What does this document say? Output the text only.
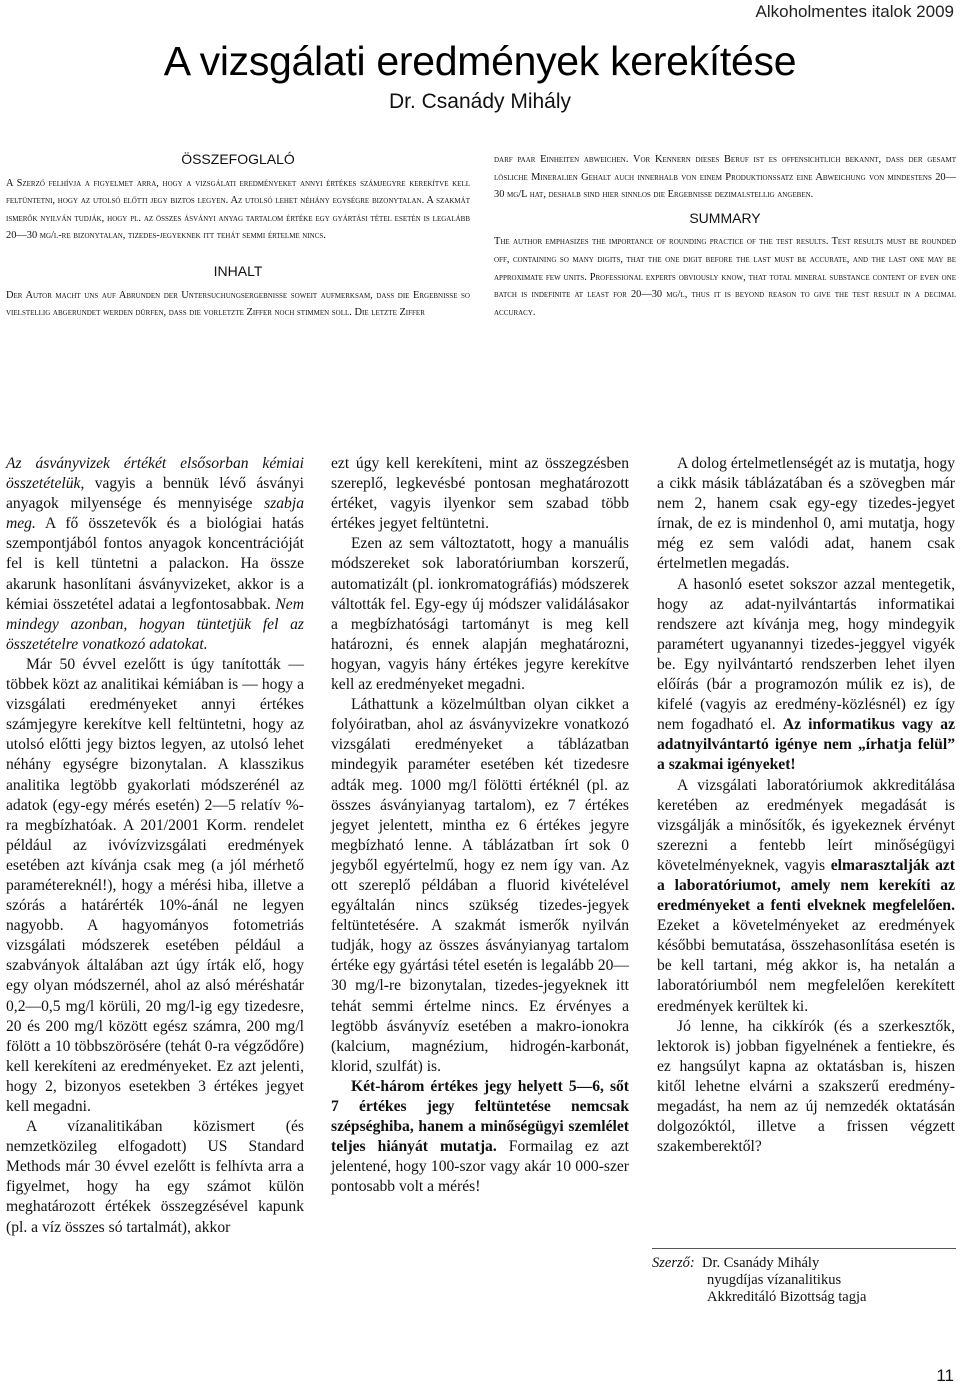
Alkoholmentes italok 2009
A vizsgálati eredmények kerekítése
Dr. Csanády Mihály
ÖSSZEFOGLALÓ

A Szerző felhívja a figyelmet arra, hogy a vizsgálati eredményeket annyi értékes számjegyre kerekítve kell feltüntetni, hogy az utolsó előtti jegy biztos legyen. Az utolsó lehet néhány egységre bizonytalan. A szakmát ismerők nyilván tudják, hogy pl. az összes ásványi anyag tartalom értéke egy gyártási tétel esetén is legalább 20—30 mg/l-re bizonytalan, tizedes-jegyeknek itt tehát semmi értelme nincs.

INHALT

Der Autor macht uns auf Abrunden der Untersuchungsergebnisse soweit aufmerksam, dass die Ergebnisse so vielstellig abgerundet werden dürfen, dass die vorletzte Ziffer noch stimmen soll. Die letzte Ziffer

darf paar Einheiten abweichen. Vor Kennern dieses Beruf ist es offensichtlich bekannt, dass der gesamt lösliche Mineralien Gehalt auch innerhalb von einem Produktionssatz eine Abweichung von mindestens 20—30 mg/L hat, deshalb sind hier sinnlos die Ergebnisse dezimalstellig angeben.

SUMMARY

The author emphasizes the importance of rounding practice of the test results. Test results must be rounded off, containing so many digits, that the one digit before the last must be accurate, and the last one may be approximate few units. Professional experts obviously know, that total mineral substance content of even one batch is indefinite at least for 20—30 mg/l, thus it is beyond reason to give the test result in a decimal accuracy.

Az ásványvizek értékét elsősorban kémiai összetételük, vagyis a bennük lévő ásványi anyagok milyensége és mennyisége szabja meg. A fő összetevők és a biológiai hatás szempontjából fontos anyagok koncentrációját fel is kell tüntetni a palackon. Ha össze akarunk hasonlítani ásványvizeket, akkor is a kémiai összetétel adatai a legfontosabbak. Nem mindegy azonban, hogyan tüntetjük fel az összetételre vonatkozó adatokat.

Már 50 évvel ezelőtt is úgy tanították — többek közt az analitikai kémiában is — hogy a vizsgálati eredményeket annyi értékes számjegyre kerekítve kell feltüntetni, hogy az utolsó előtti jegy biztos legyen, az utolsó lehet néhány egységre bizonytalan. A klasszikus analitika legtöbb gyakorlati módszerénél az adatok (egy-egy mérés esetén) 2—5 relatív %-ra megbízhatóak. A 201/2001 Korm. rendelet például az ivóvízvizsgálati eredmények esetében azt kívánja csak meg (a jól mérhető paramétereknél!), hogy a mérési hiba, illetve a szórás a határérték 10%-ánál ne legyen nagyobb. A hagyományos fotometriás vizsgálati módszerek esetében például a szabványok általában azt úgy írták elő, hogy egy olyan módszernél, ahol az alsó méréshatár 0,2—0,5 mg/l körüli, 20 mg/l-ig egy tizedesre, 20 és 200 mg/l között egész számra, 200 mg/l fölött a 10 többszörösére (tehát 0-ra végződőre) kell kerekíteni az eredményeket. Ez azt jelenti, hogy 2, bizonyos esetekben 3 értékes jegyet kell megadni.

A vízanalitikában közismert (és nemzetközileg elfogadott) US Standard Methods már 30 évvel ezelőtt is felhívta arra a figyelmet, hogy ha egy számot külön meghatározott értékek összegzésével kapunk (pl. a víz összes só tartalmát), akkor

ezt úgy kell kerekíteni, mint az összegzésben szereplő, legkevésbé pontosan meghatározott értéket, vagyis ilyenkor sem szabad több értékes jegyet feltüntetni.

Ezen az sem változtatott, hogy a manuális módszereket sok laboratóriumban korszerű, automatizált (pl. ionkromatográfiás) módszerek váltották fel. Egy-egy új módszer validálásakor a megbízhatósági tartományt is meg kell határozni, és ennek alapján meghatározni, hogyan, vagyis hány értékes jegyre kerekítve kell az eredményeket megadni.

Láthattunk a közelmúltban olyan cikket a folyóiratban, ahol az ásványvizekre vonatkozó vizsgálati eredményeket a táblázatban mindegyik paraméter esetében két tizedesre adták meg. 1000 mg/l fölötti értéknél (pl. az összes ásványianyag tartalom), ez 7 értékes jegyet jelentett, mintha ez 6 értékes jegyre megbízható lenne. A táblázatban írt sok 0 jegyből egyértelmű, hogy ez nem így van. Az ott szereplő példában a fluorid kivételével egyáltalán nincs szükség tizedes-jegyek feltüntetésére. A szakmát ismerők nyilván tudják, hogy az összes ásványianyag tartalom értéke egy gyártási tétel esetén is legalább 20—30 mg/l-re bizonytalan, tizedes-jegyeknek itt tehát semmi értelme nincs. Ez érvényes a legtöbb ásványvíz esetében a makro-ionokra (kalcium, magnézium, hidrogén-karbonát, klorid, szulfát) is.

Két-három értékes jegy helyett 5—6, sőt 7 értékes jegy feltüntetése nemcsak szépséghiba, hanem a minőségügyi szemlélet teljes hiányát mutatja. Formailag ez azt jelentené, hogy 100-szor vagy akár 10 000-szer pontosabb volt a mérés!

A dolog értelmetlenségét az is mutatja, hogy a cikk másik táblázatában és a szövegben már nem 2, hanem csak egy-egy tizedes-jegyet írnak, de ez is mindenhol 0, ami mutatja, hogy még ez sem valódi adat, hanem csak értelmetlen megadás.

A hasonló esetet sokszor azzal mentegetik, hogy az adat-nyilvántartás informatikai rendszere azt kívánja meg, hogy mindegyik paramétert ugyanannyi tizedes-jeggyel vigyék be. Egy nyilvántartó rendszerben lehet ilyen előírás (bár a programozón múlik ez is), de kifelé (vagyis az eredmény-közlésnél) ez így nem fogadható el. Az informatikus vagy az adatnyilvántartó igénye nem „írhatja felül” a szakmai igényeket!

A vizsgálati laboratóriumok akkreditálása keretében az eredmények megadását is vizsgálják a minősítők, és igyekeznek érvényt szerezni a fentebb leírt minőségügyi követelményeknek, vagyis elmarasztalják azt a laboratóriumot, amely nem kerekíti az eredményeket a fenti elveknek megfelelően. Ezeket a követelményeket az eredmények későbbi bemutatása, összehasonlítása esetén is be kell tartani, még akkor is, ha netalán a laboratóriumból nem megfelelően kerekített eredmények kerültek ki.

Jó lenne, ha cikkírók (és a szerkesztők, lektorok is) jobban figyelnének a fentiekre, és ez hangsúlyt kapna az oktatásban is, hiszen kitől lehetne elvárni a szakszerű eredmény-megadást, ha nem az új nemzedék oktatásán dolgozóktól, illetve a frissen végzett szakemberektől?

Szerző: Dr. Csanády Mihály
nyugdíjas vízanalitikus
Akkreditáló Bizottság tagja
11
